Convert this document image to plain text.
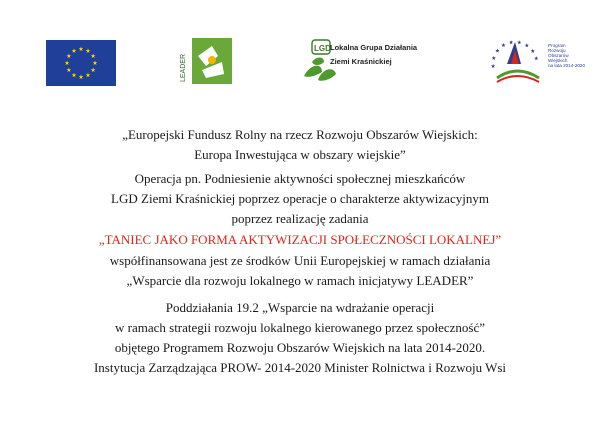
LEADER
LGD Lokalna Grupa Działania
Ziemi Kraśnickiej
Program
Rozwoju
Obszarów
Wiejskich
na lata 2014-2020
„Europejski Fundusz Rolny na rzecz Rozwoju Obszarów Wiejskich:
Europa Inwestująca w obszary wiejskie”
Operacja pn. Podniesienie aktywności społecznej mieszkańców
LGD Ziemi Kraśnickiej poprzez operacje o charakterze aktywizacyjnym
poprzez realizację zadania
„TANIEC JAKO FORMA AKTYWIZACJI SPOŁECZNOŚCI LOKALNEJ”
współfinansowana jest ze środków Unii Europejskiej w ramach działania
„Wsparcie dla rozwoju lokalnego w ramach inicjatywy LEADER”
Poddziałania 19.2 „Wsparcie na wdrażanie operacji
w ramach strategii rozwoju lokalnego kierowanego przez społeczność”
objętego Programem Rozwoju Obszarów Wiejskich na lata 2014-2020.
Instytucja Zarządzająca PROW- 2014-2020 Minister Rolnictwa i Rozwoju Wsi
